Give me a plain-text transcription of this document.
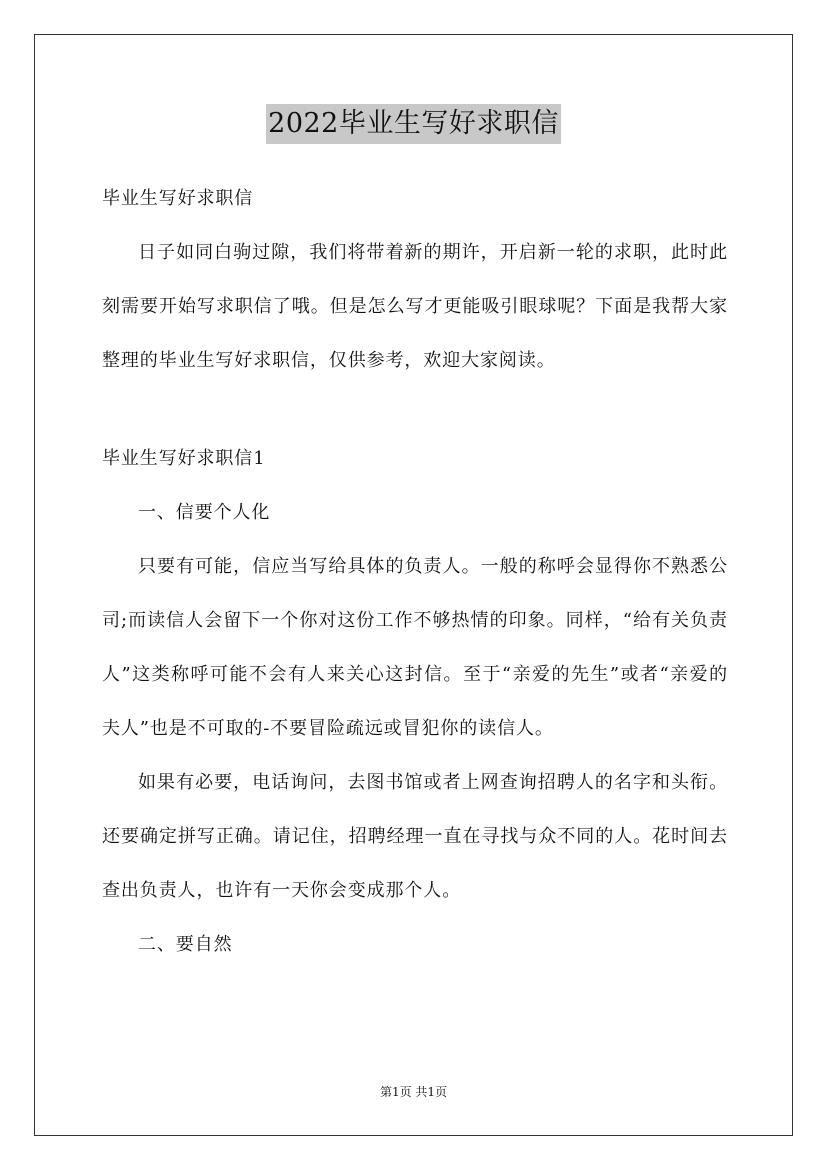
2022毕业生写好求职信

毕业生写好求职信

日子如同白驹过隙，我们将带着新的期许，开启新一轮的求职，此时此刻需要开始写求职信了哦。但是怎么写才更能吸引眼球呢？下面是我帮大家整理的毕业生写好求职信，仅供参考，欢迎大家阅读。

毕业生写好求职信1

一、信要个人化

只要有可能，信应当写给具体的负责人。一般的称呼会显得你不熟悉公司;而读信人会留下一个你对这份工作不够热情的印象。同样，“给有关负责人”这类称呼可能不会有人来关心这封信。至于“亲爱的先生”或者“亲爱的夫人”也是不可取的-不要冒险疏远或冒犯你的读信人。

如果有必要，电话询问，去图书馆或者上网查询招聘人的名字和头衔。还要确定拼写正确。请记住，招聘经理一直在寻找与众不同的人。花时间去查出负责人，也许有一天你会变成那个人。

二、要自然

第1页 共1页
